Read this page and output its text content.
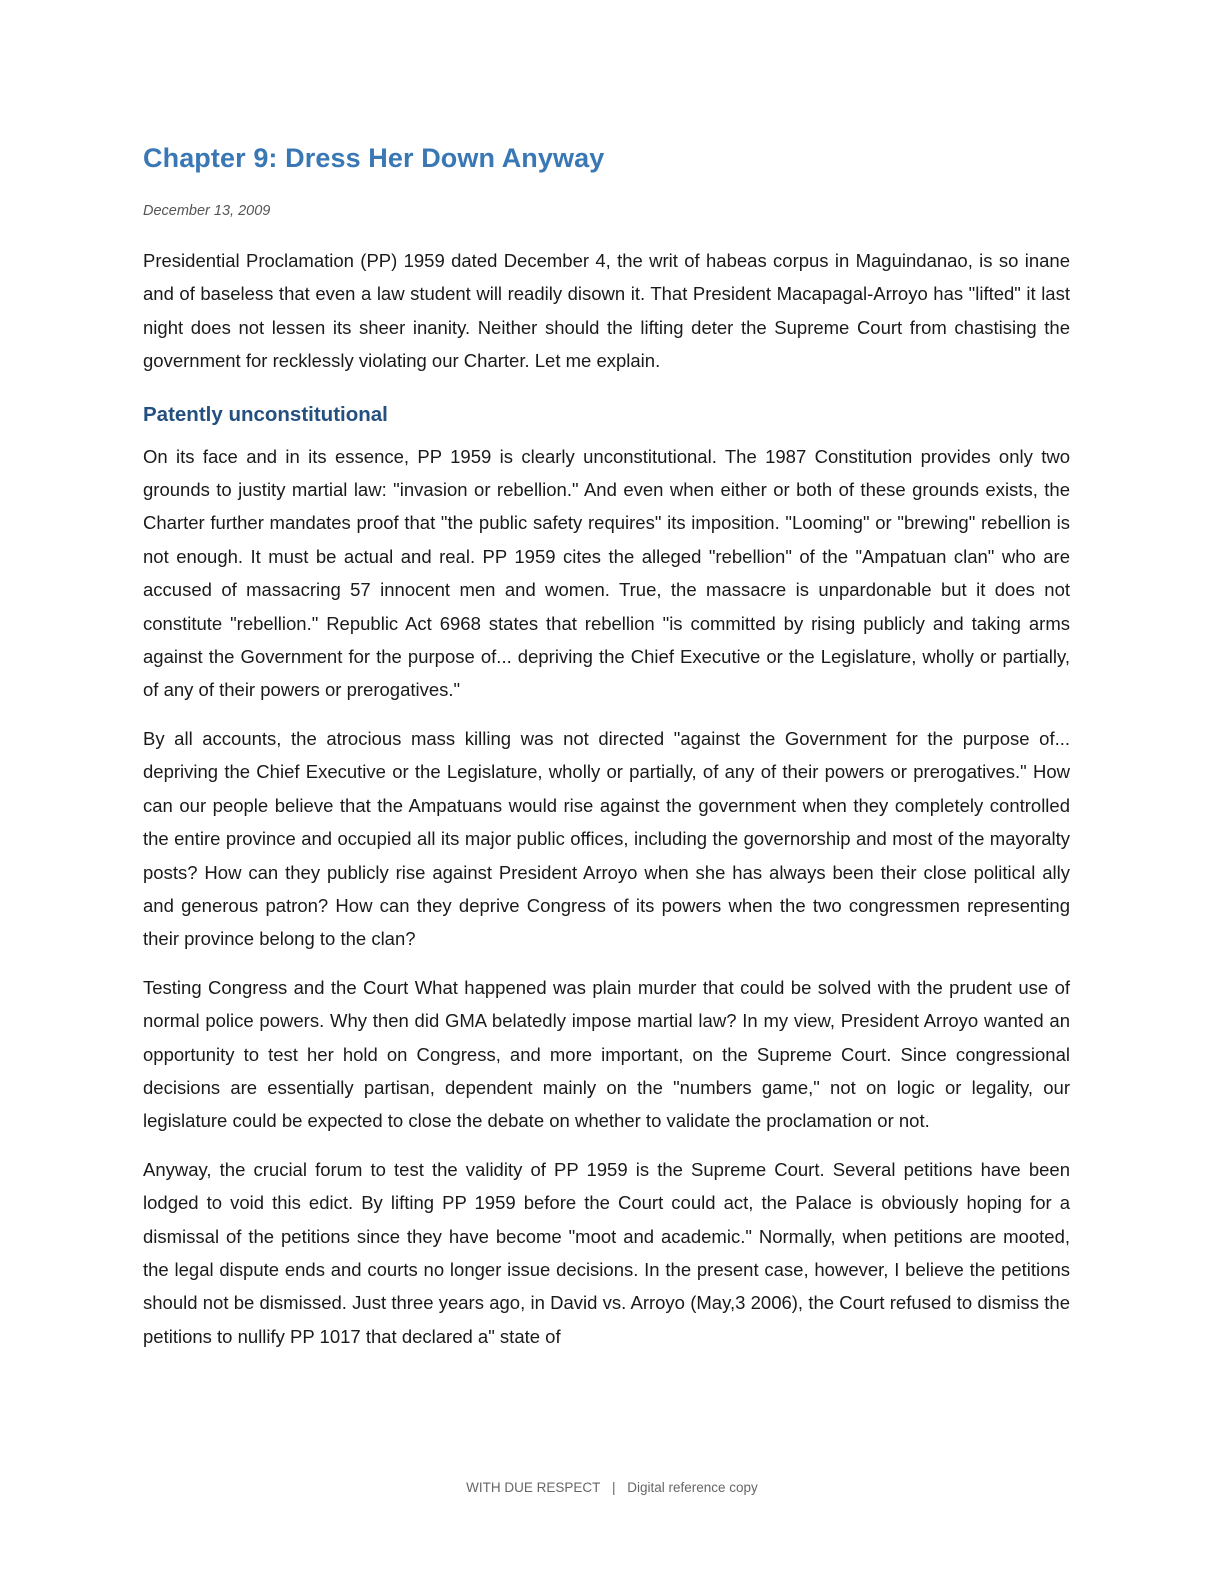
Chapter 9: Dress Her Down Anyway
December 13, 2009

Presidential Proclamation (PP) 1959 dated December 4, the writ of habeas corpus in Maguindanao, is so inane and of baseless that even a law student will readily disown it. That President Macapagal-Arroyo has "lifted" it last night does not lessen its sheer inanity. Neither should the lifting deter the Supreme Court from chastising the government for recklessly violating our Charter. Let me explain.

Patently unconstitutional

On its face and in its essence, PP 1959 is clearly unconstitutional. The 1987 Constitution provides only two grounds to justity martial law: "invasion or rebellion." And even when either or both of these grounds exists, the Charter further mandates proof that "the public safety requires" its imposition. "Looming" or "brewing" rebellion is not enough. It must be actual and real. PP 1959 cites the alleged "rebellion" of the "Ampatuan clan" who are accused of massacring 57 innocent men and women. True, the massacre is unpardonable but it does not constitute "rebellion." Republic Act 6968 states that rebellion "is committed by rising publicly and taking arms against the Government for the purpose of... depriving the Chief Executive or the Legislature, wholly or partially, of any of their powers or prerogatives."

By all accounts, the atrocious mass killing was not directed "against the Government for the purpose of... depriving the Chief Executive or the Legislature, wholly or partially, of any of their powers or prerogatives." How can our people believe that the Ampatuans would rise against the government when they completely controlled the entire province and occupied all its major public offices, including the governorship and most of the mayoralty posts? How can they publicly rise against President Arroyo when she has always been their close political ally and generous patron? How can they deprive Congress of its powers when the two congressmen representing their province belong to the clan?

Testing Congress and the Court What happened was plain murder that could be solved with the prudent use of normal police powers. Why then did GMA belatedly impose martial law? In my view, President Arroyo wanted an opportunity to test her hold on Congress, and more important, on the Supreme Court. Since congressional decisions are essentially partisan, dependent mainly on the "numbers game," not on logic or legality, our legislature could be expected to close the debate on whether to validate the proclamation or not.

Anyway, the crucial forum to test the validity of PP 1959 is the Supreme Court. Several petitions have been lodged to void this edict. By lifting PP 1959 before the Court could act, the Palace is obviously hoping for a dismissal of the petitions since they have become "moot and academic." Normally, when petitions are mooted, the legal dispute ends and courts no longer issue decisions. In the present case, however, I believe the petitions should not be dismissed. Just three years ago, in David vs. Arroyo (May,3 2006), the Court refused to dismiss the petitions to nullify PP 1017 that declared a" state of

WITH DUE RESPECT | Digital reference copy
